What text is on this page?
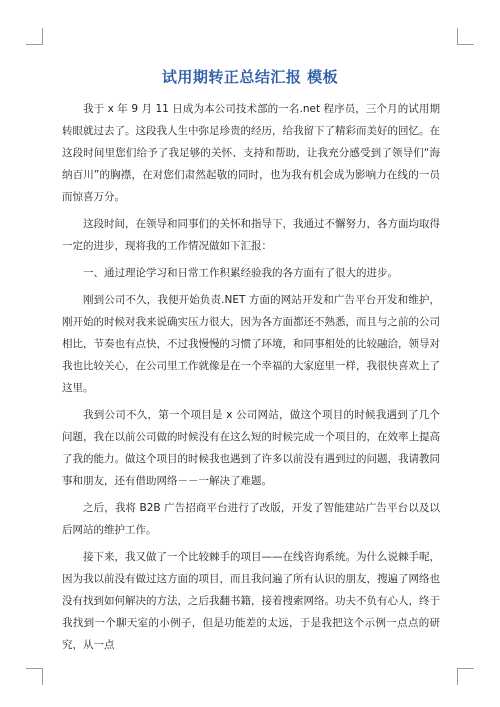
试用期转正总结汇报 模板

我于 x 年 9 月 11 日成为本公司技术部的一名.net 程序员，三个月的试用期转眼就过去了。这段我人生中弥足珍贵的经历，给我留下了精彩而美好的回忆。在这段时间里您们给予了我足够的关怀、支持和帮助，让我充分感受到了领导们“海纳百川”的胸襟，在对您们肃然起敬的同时，也为我有机会成为影响力在线的一员而惊喜万分。

这段时间，在领导和同事们的关怀和指导下，我通过不懈努力，各方面均取得一定的进步，现将我的工作情况做如下汇报：

一、通过理论学习和日常工作积累经验我的各方面有了很大的进步。

刚到公司不久，我便开始负责.NET 方面的网站开发和广告平台开发和维护，刚开始的时候对我来说确实压力很大，因为各方面都还不熟悉，而且与之前的公司相比，节奏也有点快，不过我慢慢的习惯了环境，和同事相处的比较融洽，领导对我也比较关心，在公司里工作就像是在一个幸福的大家庭里一样，我很快喜欢上了这里。

我到公司不久，第一个项目是 x 公司网站，做这个项目的时候我遇到了几个问题，我在以前公司做的时候没有在这么短的时候完成一个项目的，在效率上提高了我的能力。做这个项目的时候我也遇到了许多以前没有遇到过的问题，我请教同事和朋友，还有借助网络－－一解决了难题。

之后，我将 B2B 广告招商平台进行了改版，开发了智能建站广告平台以及以后网站的维护工作。

接下来，我又做了一个比较棘手的项目——在线咨询系统。为什么说棘手呢，因为我以前没有做过这方面的项目，而且我问遍了所有认识的朋友，搜遍了网络也没有找到如何解决的方法，之后我翻书籍，接着搜索网络。功夫不负有心人，终于我找到一个聊天室的小例子，但是功能差的太远，于是我把这个示例一点点的研究，从一点
